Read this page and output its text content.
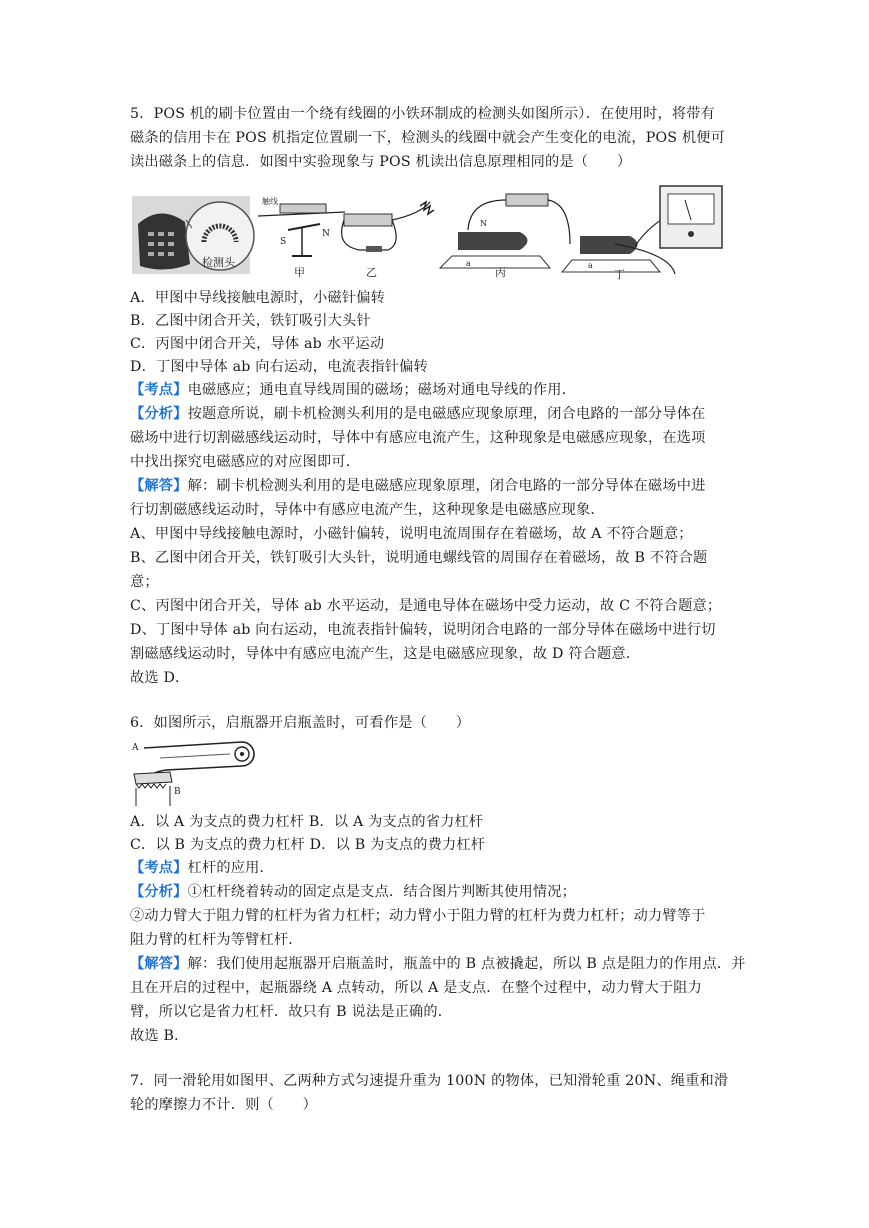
5．POS 机的刷卡位置由一个绕有线圈的小铁环制成的检测头如图所示）．在使用时，将带有
磁条的信用卡在 POS 机指定位置刷一下，检测头的线圈中就会产生变化的电流，POS 机便可
读出磁条上的信息．如图中实验现象与 POS 机读出信息原理相同的是（　　）
检测头
触线
S
N
甲	乙
N
a
丙
a
丁
A．甲图中导线接触电源时，小磁针偏转
B．乙图中闭合开关，铁钉吸引大头针
C．丙图中闭合开关，导体 ab 水平运动
D．丁图中导体 ab 向右运动，电流表指针偏转
【考点】电磁感应；通电直导线周围的磁场；磁场对通电导线的作用．
【分析】按题意所说，刷卡机检测头利用的是电磁感应现象原理，闭合电路的一部分导体在
磁场中进行切割磁感线运动时，导体中有感应电流产生，这种现象是电磁感应现象，在选项
中找出探究电磁感应的对应图即可．
【解答】解：刷卡机检测头利用的是电磁感应现象原理，闭合电路的一部分导体在磁场中进
行切割磁感线运动时，导体中有感应电流产生，这种现象是电磁感应现象．
A、甲图中导线接触电源时，小磁针偏转，说明电流周围存在着磁场，故 A 不符合题意；
B、乙图中闭合开关，铁钉吸引大头针，说明通电螺线管的周围存在着磁场，故 B 不符合题
意；
C、丙图中闭合开关，导体 ab 水平运动，是通电导体在磁场中受力运动，故 C 不符合题意；
D、丁图中导体 ab 向右运动，电流表指针偏转，说明闭合电路的一部分导体在磁场中进行切
割磁感线运动时，导体中有感应电流产生，这是电磁感应现象，故 D 符合题意．
故选 D．
6．如图所示，启瓶器开启瓶盖时，可看作是（　　）
A
B
A．以 A 为支点的费力杠杆 B．以 A 为支点的省力杠杆
C．以 B 为支点的费力杠杆 D．以 B 为支点的费力杠杆
【考点】杠杆的应用．
【分析】①杠杆绕着转动的固定点是支点．结合图片判断其使用情况；
②动力臂大于阻力臂的杠杆为省力杠杆；动力臂小于阻力臂的杠杆为费力杠杆；动力臂等于
阻力臂的杠杆为等臂杠杆．
【解答】解：我们使用起瓶器开启瓶盖时，瓶盖中的 B 点被撬起，所以 B 点是阻力的作用点．并
且在开启的过程中，起瓶器绕 A 点转动，所以 A 是支点．在整个过程中，动力臂大于阻力
臂，所以它是省力杠杆．故只有 B 说法是正确的．
故选 B．
7．同一滑轮用如图甲、乙两种方式匀速提升重为 100N 的物体，已知滑轮重 20N、绳重和滑
轮的摩擦力不计．则（　　）
